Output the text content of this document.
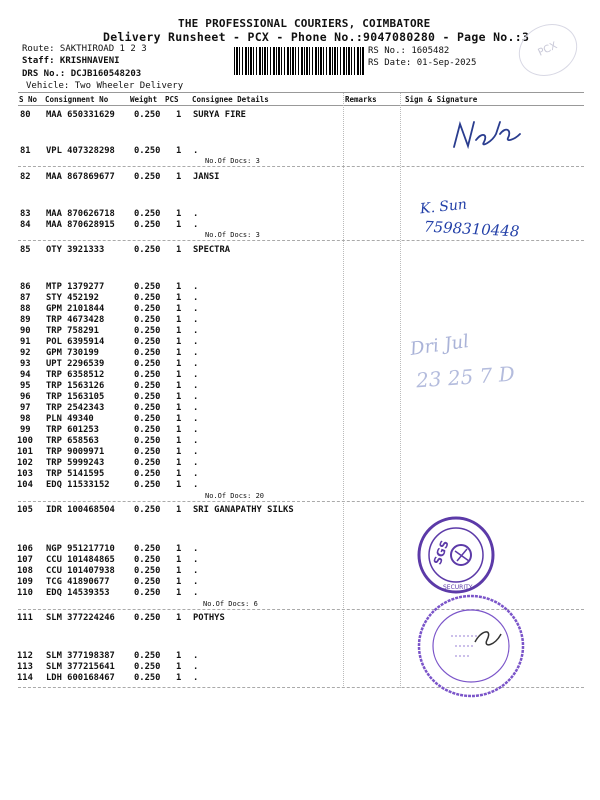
THE PROFESSIONAL COURIERS, COIMBATORE
Delivery Runsheet - PCX - Phone No.:9047080280 - Page No.:3
Route: SAKTHIROAD 1 2 3
Staff: KRISHNAVENI
DRS No.: DCJB160548203
Vehicle: Two Wheeler Delivery
RS No.: 1605482
RS Date: 01-Sep-2025
PCX
S No Consignment No	Weight PCS Consignee Details	Remarks	Sign & Signature
80 MAA 650331629 0.250 1 SURYA FIRE
81 VPL 407328298 0.250 1 .
82 MAA 867869677 0.250 1 JANSI
83 MAA 870626718 0.250 1 .
84 MAA 870628915 0.250 1 .
85 OTY 3921333	0.250 1 SPECTRA
86 MTP 1379277	0.250 1 .
87 STY 452192	0.250 1 .
88 GPM 2101844	0.250 1 .
89 TRP 4673428	0.250 1 .
90 TRP 758291	0.250 1 .
91 POL 6395914	0.250 1 .
92 GPM 730199	0.250 1 .
93 UPT 2296539	0.250 1 .
94 TRP 6358512	0.250 1 .
95 TRP 1563126	0.250 1 .
96 TRP 1563105	0.250 1 .
97 TRP 2542343	0.250 1 .
98 PLN 49340	0.250 1 .
99 TRP 601253	0.250 1 .
100 TRP 658563	0.250 1 .
101 TRP 9009971	0.250 1 .
102 TRP 5999243	0.250 1 .
103 TRP 5141595	0.250 1 .
104 EDQ 11533152	0.250 1 .
105 IDR 100468504 0.250 1 SRI GANAPATHY SILKS
106 NGP 951217710 0.250 1 .
107 CCU 101484865 0.250 1 .
108 CCU 101407938 0.250 1 .
109 TCG 41890677	0.250 1 .
110 EDQ 14539353	0.250 1 .
111 SLM 377224246 0.250 1 POTHYS
112 SLM 377198387 0.250 1 .
113 SLM 377215641 0.250 1 .
114 LDH 600168467 0.250 1 .
No.Of Docs: 3
No.Of Docs: 3
No.Of Docs: 20
No.Of Docs: 6
K. Sun
7598310448
Dri Jul
23 25 7 D
SGS
SECURITY
